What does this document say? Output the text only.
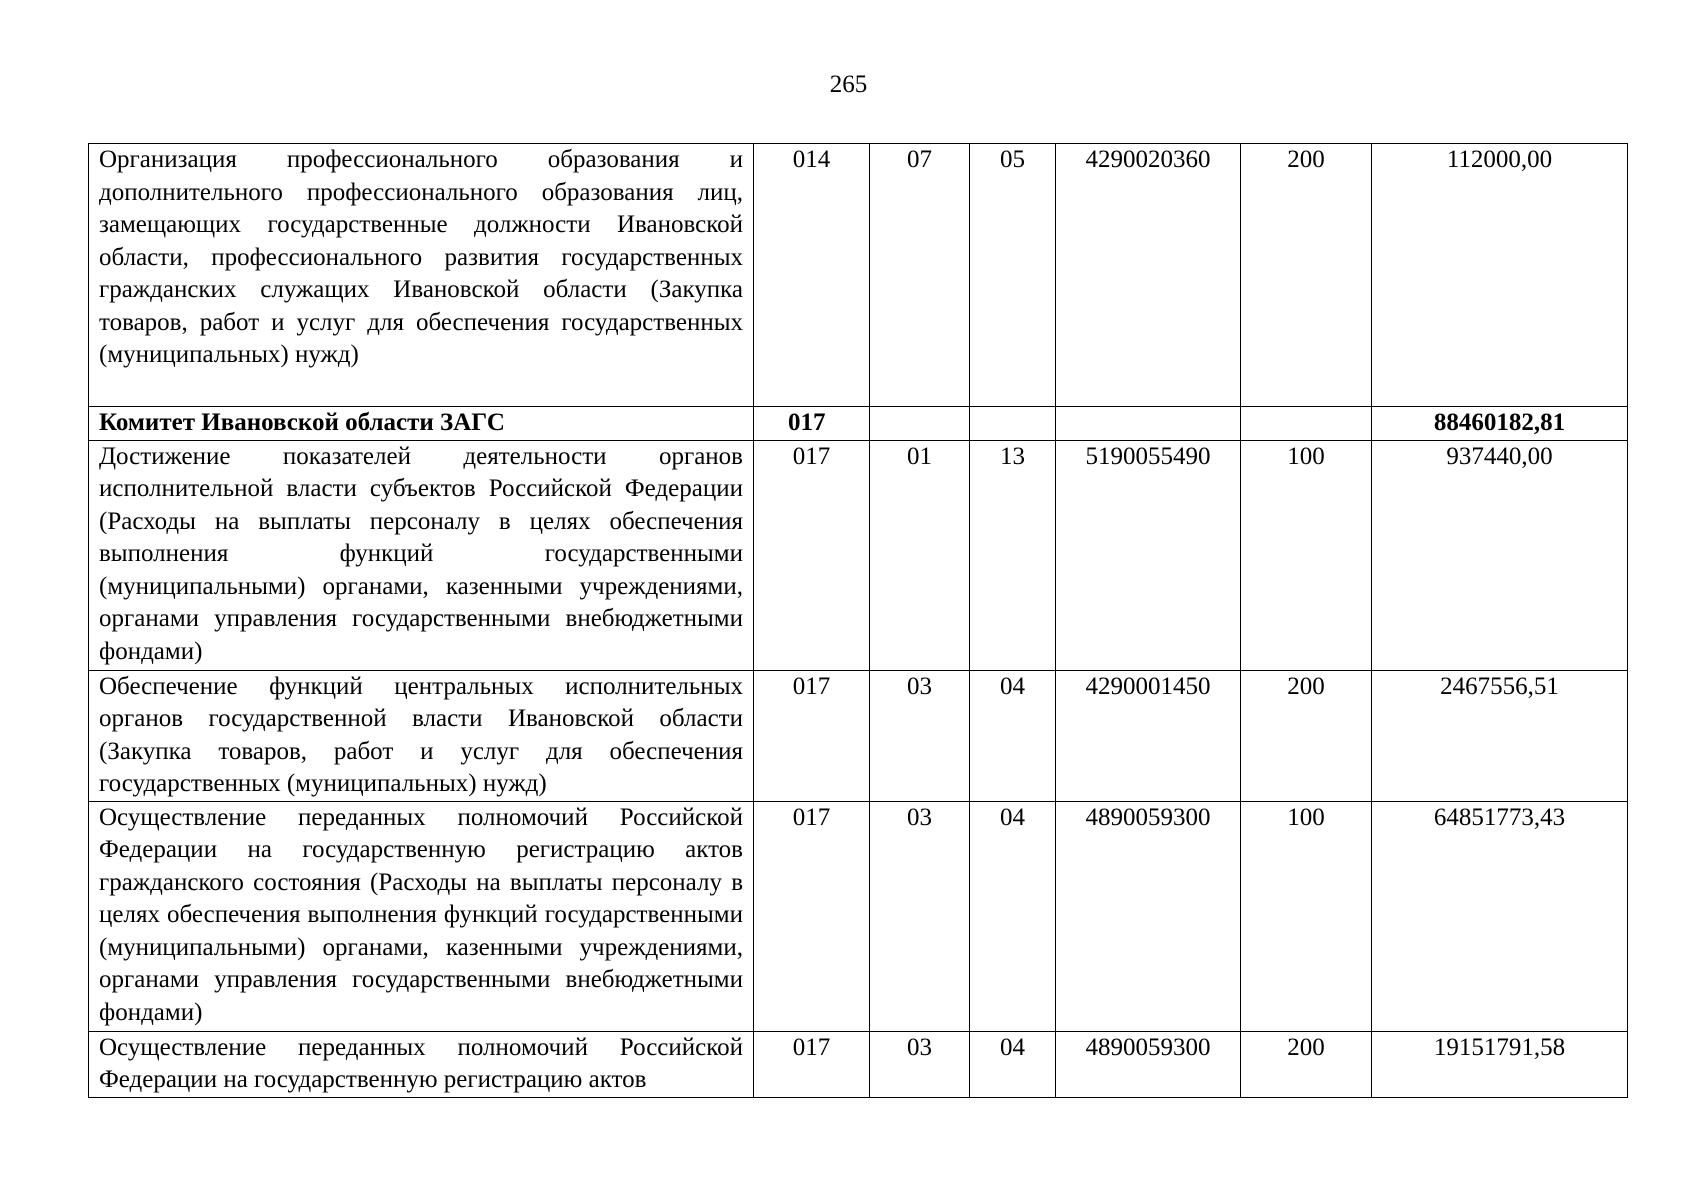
265
Организация профессионального образования и дополнительного профессионального образования лиц, замещающих государственные должности Ивановской области, профессионального развития государственных гражданских служащих Ивановской области (Закупка товаров, работ и услуг для обеспечения государственных (муниципальных) нужд)	014	07	05	4290020360	200	112000,00
Комитет Ивановской области ЗАГС	017					88460182,81
Достижение показателей деятельности органов исполнительной власти субъектов Российской Федерации (Расходы на выплаты персоналу в целях обеспечения выполнения функций государственными (муниципальными) органами, казенными учреждениями, органами управления государственными внебюджетными фондами)	017	01	13	5190055490	100	937440,00
Обеспечение функций центральных исполнительных органов государственной власти Ивановской области (Закупка товаров, работ и услуг для обеспечения государственных (муниципальных) нужд)	017	03	04	4290001450	200	2467556,51
Осуществление переданных полномочий Российской Федерации на государственную регистрацию актов гражданского состояния (Расходы на выплаты персоналу в целях обеспечения выполнения функций государственными (муниципальными) органами, казенными учреждениями, органами управления государственными внебюджетными фондами)	017	03	04	4890059300	100	64851773,43
Осуществление переданных полномочий Российской Федерации на государственную регистрацию актов	017	03	04	4890059300	200	19151791,58
